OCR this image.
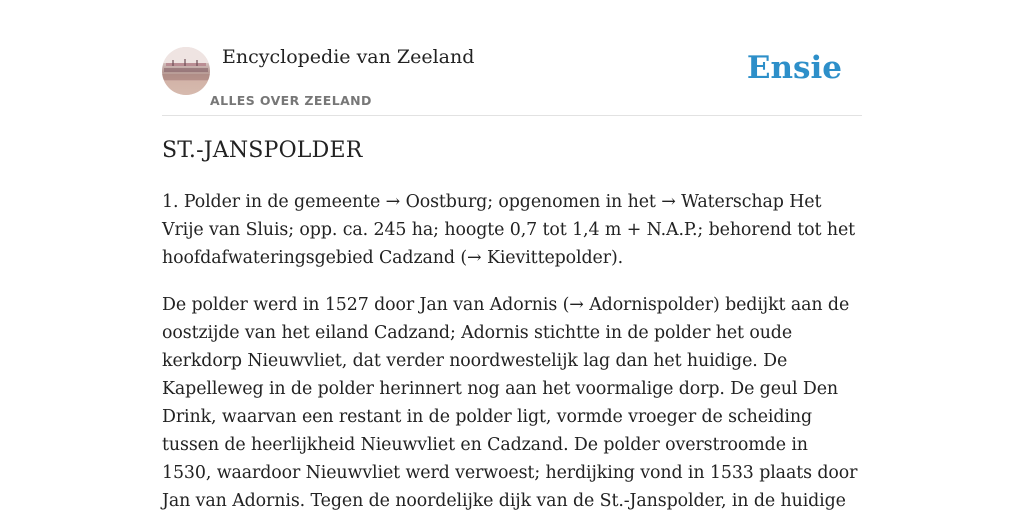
Encyclopedie van Zeeland
ALLES OVER ZEELAND
Ensie
ST.-JANSPOLDER

1. Polder in de gemeente → Oostburg; opgenomen in het → Waterschap Het Vrije van Sluis; opp. ca. 245 ha; hoogte 0,7 tot 1,4 m + N.A.P.; behorend tot het hoofdafwateringsgebied Cadzand (→ Kievittepolder).

De polder werd in 1527 door Jan van Adornis (→ Adornispolder) bedijkt aan de oostzijde van het eiland Cadzand; Adornis stichtte in de polder het oude kerkdorp Nieuwvliet, dat verder noordwestelijk lag dan het huidige. De Kapelleweg in de polder herinnert nog aan het voormalige dorp. De geul Den Drink, waarvan een restant in de polder ligt, vormde vroeger de scheiding tussen de heerlijkheid Nieuwvliet en Cadzand. De polder overstroomde in 1530, waardoor Nieuwvliet werd verwoest; herdijking vond in 1533 plaats door Jan van Adornis. Tegen de noordelijke dijk van de St.-Janspolder, in de huidige
